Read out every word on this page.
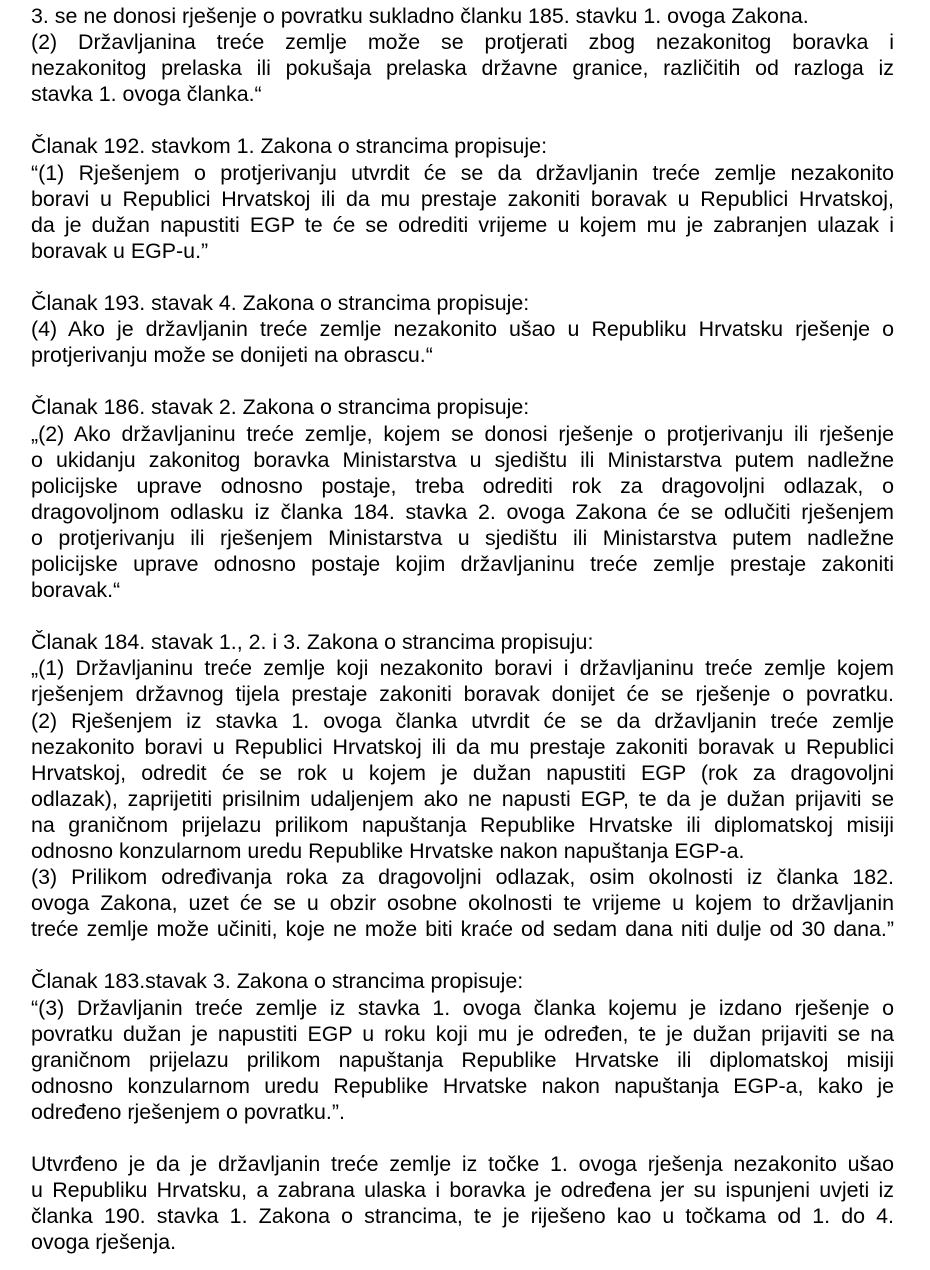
3. se ne donosi rješenje o povratku sukladno članku 185. stavku 1. ovoga Zakona.
(2) Državljanina treće zemlje može se protjerati zbog nezakonitog boravka i
nezakonitog prelaska ili pokušaja prelaska državne granice, različitih od razloga iz
stavka 1. ovoga članka.“
Članak 192. stavkom 1. Zakona o strancima propisuje:
“(1) Rješenjem o protjerivanju utvrdit će se da državljanin treće zemlje nezakonito
boravi u Republici Hrvatskoj ili da mu prestaje zakoniti boravak u Republici Hrvatskoj,
da je dužan napustiti EGP te će se odrediti vrijeme u kojem mu je zabranjen ulazak i
boravak u EGP-u.”
Članak 193. stavak 4. Zakona o strancima propisuje:
(4) Ako je državljanin treće zemlje nezakonito ušao u Republiku Hrvatsku rješenje o
protjerivanju može se donijeti na obrascu.“
Članak 186. stavak 2. Zakona o strancima propisuje:
„(2) Ako državljaninu treće zemlje, kojem se donosi rješenje o protjerivanju ili rješenje
o ukidanju zakonitog boravka Ministarstva u sjedištu ili Ministarstva putem nadležne
policijske uprave odnosno postaje, treba odrediti rok za dragovoljni odlazak, o
dragovoljnom odlasku iz članka 184. stavka 2. ovoga Zakona će se odlučiti rješenjem
o protjerivanju ili rješenjem Ministarstva u sjedištu ili Ministarstva putem nadležne
policijske uprave odnosno postaje kojim državljaninu treće zemlje prestaje zakoniti
boravak.“
Članak 184. stavak 1., 2. i 3. Zakona o strancima propisuju:
„(1) Državljaninu treće zemlje koji nezakonito boravi i državljaninu treće zemlje kojem
rješenjem državnog tijela prestaje zakoniti boravak donijet će se rješenje o povratku.
(2) Rješenjem iz stavka 1. ovoga članka utvrdit će se da državljanin treće zemlje
nezakonito boravi u Republici Hrvatskoj ili da mu prestaje zakoniti boravak u Republici
Hrvatskoj, odredit će se rok u kojem je dužan napustiti EGP (rok za dragovoljni
odlazak), zaprijetiti prisilnim udaljenjem ako ne napusti EGP, te da je dužan prijaviti se
na graničnom prijelazu prilikom napuštanja Republike Hrvatske ili diplomatskoj misiji
odnosno konzularnom uredu Republike Hrvatske nakon napuštanja EGP-a.
(3) Prilikom određivanja roka za dragovoljni odlazak, osim okolnosti iz članka 182.
ovoga Zakona, uzet će se u obzir osobne okolnosti te vrijeme u kojem to državljanin
treće zemlje može učiniti, koje ne može biti kraće od sedam dana niti dulje od 30 dana.”
Članak 183.stavak 3. Zakona o strancima propisuje:
“(3) Državljanin treće zemlje iz stavka 1. ovoga članka kojemu je izdano rješenje o
povratku dužan je napustiti EGP u roku koji mu je određen, te je dužan prijaviti se na
graničnom prijelazu prilikom napuštanja Republike Hrvatske ili diplomatskoj misiji
odnosno konzularnom uredu Republike Hrvatske nakon napuštanja EGP-a, kako je
određeno rješenjem o povratku.”.
Utvrđeno je da je državljanin treće zemlje iz točke 1. ovoga rješenja nezakonito ušao
u Republiku Hrvatsku, a zabrana ulaska i boravka je određena jer su ispunjeni uvjeti iz
članka 190. stavka 1. Zakona o strancima, te je riješeno kao u točkama od 1. do 4.
ovoga rješenja.
